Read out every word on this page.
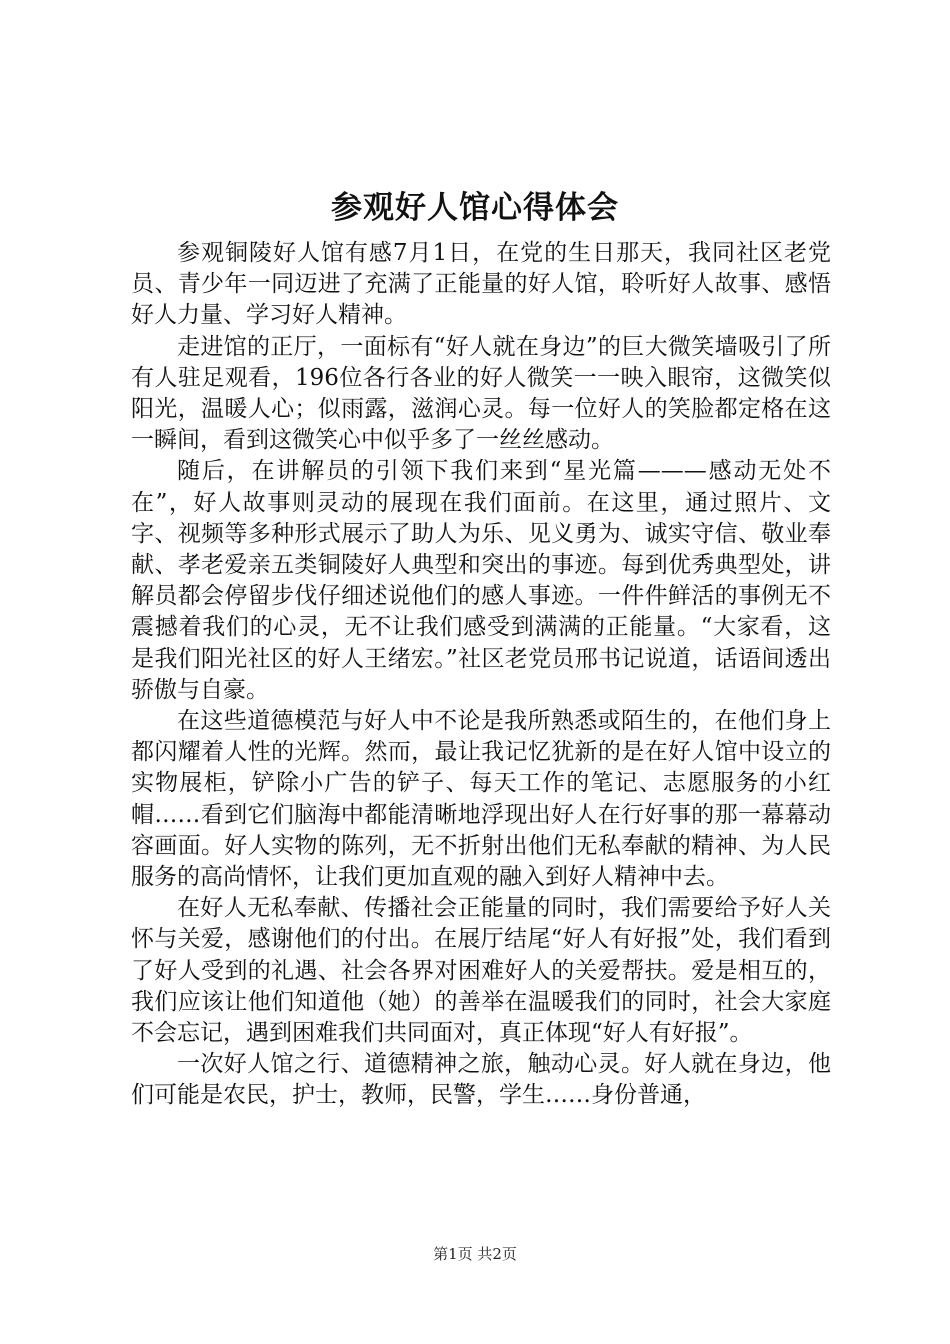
参观好人馆心得体会

参观铜陵好人馆有感7月1日，在党的生日那天，我同社区老党员、青少年一同迈进了充满了正能量的好人馆，聆听好人故事、感悟好人力量、学习好人精神。

走进馆的正厅，一面标有“好人就在身边”的巨大微笑墙吸引了所有人驻足观看，196位各行各业的好人微笑一一映入眼帘，这微笑似阳光，温暖人心；似雨露，滋润心灵。每一位好人的笑脸都定格在这一瞬间，看到这微笑心中似乎多了一丝丝感动。

随后，在讲解员的引领下我们来到“星光篇———感动无处不在”，好人故事则灵动的展现在我们面前。在这里，通过照片、文字、视频等多种形式展示了助人为乐、见义勇为、诚实守信、敬业奉献、孝老爱亲五类铜陵好人典型和突出的事迹。每到优秀典型处，讲解员都会停留步伐仔细述说他们的感人事迹。一件件鲜活的事例无不震撼着我们的心灵，无不让我们感受到满满的正能量。“大家看，这是我们阳光社区的好人王绪宏。”社区老党员邢书记说道，话语间透出骄傲与自豪。

在这些道德模范与好人中不论是我所熟悉或陌生的，在他们身上都闪耀着人性的光辉。然而，最让我记忆犹新的是在好人馆中设立的实物展柜，铲除小广告的铲子、每天工作的笔记、志愿服务的小红帽……看到它们脑海中都能清晰地浮现出好人在行好事的那一幕幕动容画面。好人实物的陈列，无不折射出他们无私奉献的精神、为人民服务的高尚情怀，让我们更加直观的融入到好人精神中去。

在好人无私奉献、传播社会正能量的同时，我们需要给予好人关怀与关爱，感谢他们的付出。在展厅结尾“好人有好报”处，我们看到了好人受到的礼遇、社会各界对困难好人的关爱帮扶。爱是相互的，我们应该让他们知道他（她）的善举在温暖我们的同时，社会大家庭不会忘记，遇到困难我们共同面对，真正体现“好人有好报”。

一次好人馆之行、道德精神之旅，触动心灵。好人就在身边，他们可能是农民，护士，教师，民警，学生……身份普通，

第1页 共2页
